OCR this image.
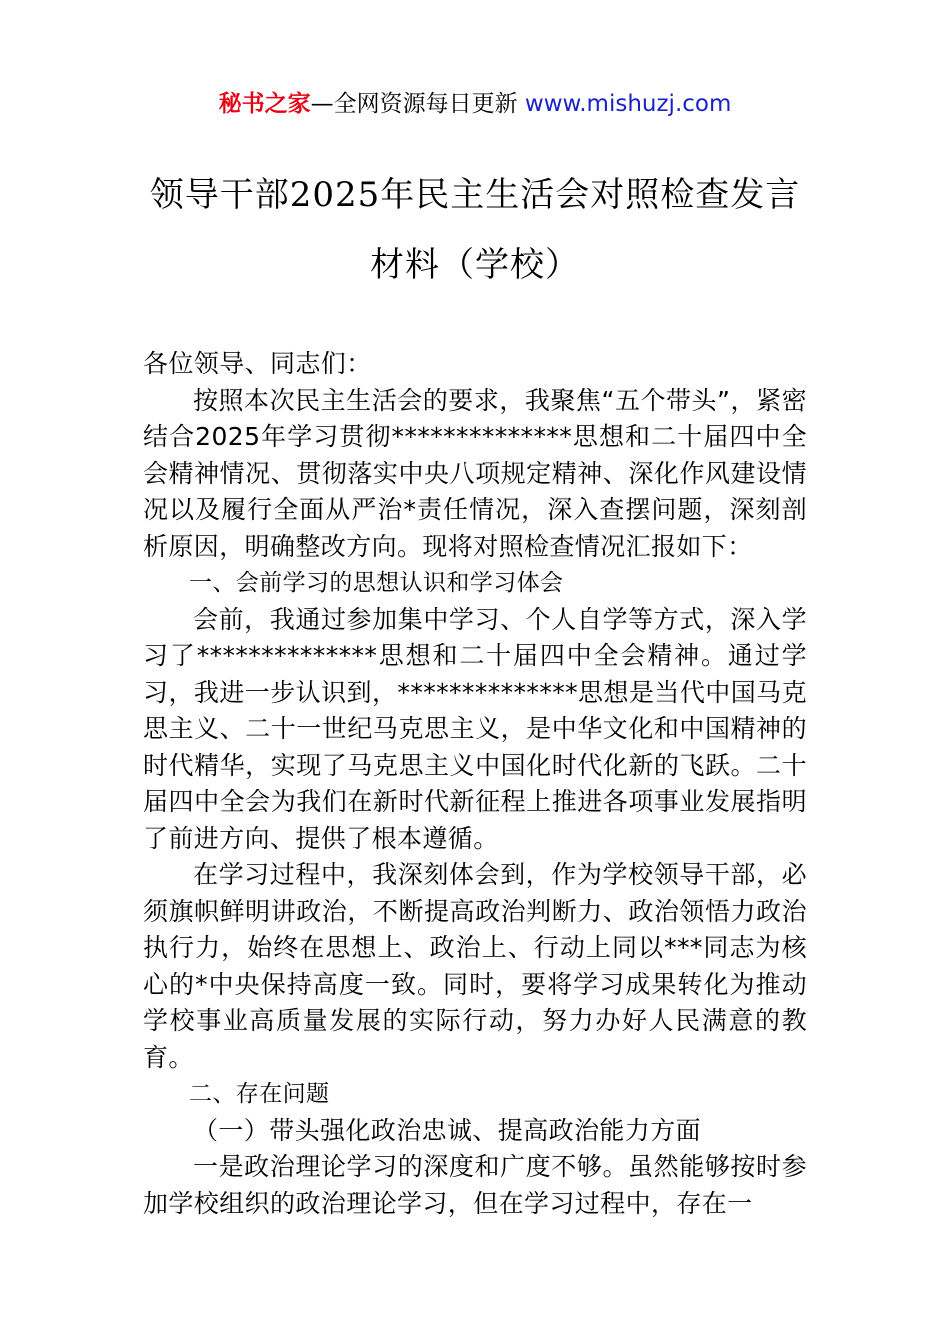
秘书之家—全网资源每日更新 www.mishuzj.com
领导干部2025年民主生活会对照检查发言
材料（学校）

各位领导、同志们：

按照本次民主生活会的要求，我聚焦“五个带头”，紧密结合2025年学习贯彻**************思想和二十届四中全会精神情况、贯彻落实中央八项规定精神、深化作风建设情况以及履行全面从严治*责任情况，深入查摆问题，深刻剖析原因，明确整改方向。现将对照检查情况汇报如下：

一、会前学习的思想认识和学习体会

会前，我通过参加集中学习、个人自学等方式，深入学习了**************思想和二十届四中全会精神。通过学习，我进一步认识到，**************思想是当代中国马克思主义、二十一世纪马克思主义，是中华文化和中国精神的时代精华，实现了马克思主义中国化时代化新的飞跃。二十届四中全会为我们在新时代新征程上推进各项事业发展指明了前进方向、提供了根本遵循。

在学习过程中，我深刻体会到，作为学校领导干部，必须旗帜鲜明讲政治，不断提高政治判断力、政治领悟力政治执行力，始终在思想上、政治上、行动上同以***同志为核心的*中央保持高度一致。同时，要将学习成果转化为推动学校事业高质量发展的实际行动，努力办好人民满意的教育。

二、存在问题

（一）带头强化政治忠诚、提高政治能力方面

一是政治理论学习的深度和广度不够。虽然能够按时参加学校组织的政治理论学习，但在学习过程中，存在一
